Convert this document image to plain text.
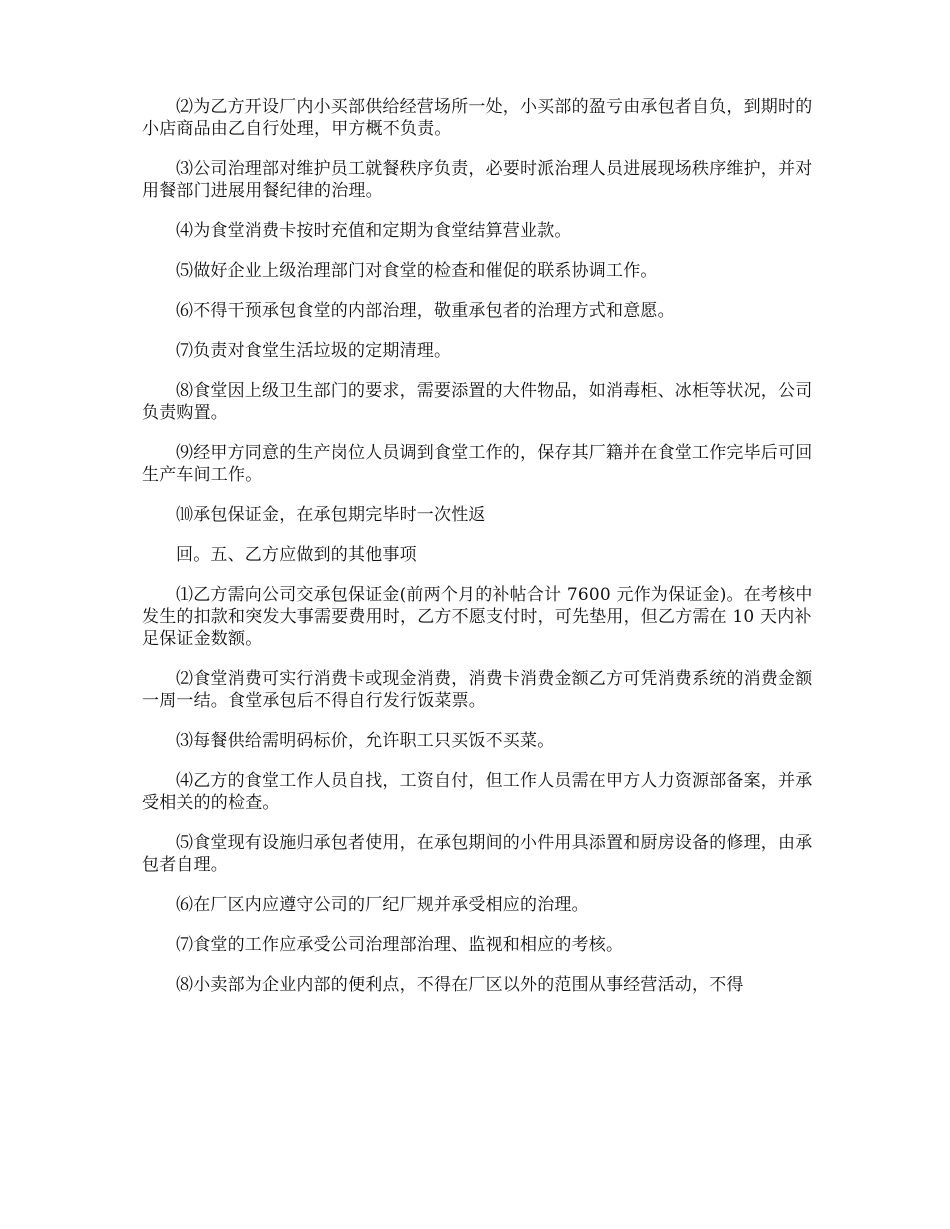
⑵为乙方开设厂内小买部供给经营场所一处，小买部的盈亏由承包者自负，到期时的小店商品由乙自行处理，甲方概不负责。

⑶公司治理部对维护员工就餐秩序负责，必要时派治理人员进展现场秩序维护，并对用餐部门进展用餐纪律的治理。

⑷为食堂消费卡按时充值和定期为食堂结算营业款。

⑸做好企业上级治理部门对食堂的检查和催促的联系协调工作。

⑹不得干预承包食堂的内部治理，敬重承包者的治理方式和意愿。

⑺负责对食堂生活垃圾的定期清理。

⑻食堂因上级卫生部门的要求，需要添置的大件物品，如消毒柜、冰柜等状况，公司负责购置。

⑼经甲方同意的生产岗位人员调到食堂工作的，保存其厂籍并在食堂工作完毕后可回生产车间工作。

⑽承包保证金，在承包期完毕时一次性返

回。五、乙方应做到的其他事项

⑴乙方需向公司交承包保证金(前两个月的补帖合计 7600 元作为保证金)。在考核中发生的扣款和突发大事需要费用时，乙方不愿支付时，可先垫用，但乙方需在 10 天内补足保证金数额。

⑵食堂消费可实行消费卡或现金消费，消费卡消费金额乙方可凭消费系统的消费金额一周一结。食堂承包后不得自行发行饭菜票。

⑶每餐供给需明码标价，允许职工只买饭不买菜。

⑷乙方的食堂工作人员自找，工资自付，但工作人员需在甲方人力资源部备案，并承受相关的的检查。

⑸食堂现有设施归承包者使用，在承包期间的小件用具添置和厨房设备的修理，由承包者自理。

⑹在厂区内应遵守公司的厂纪厂规并承受相应的治理。

⑺食堂的工作应承受公司治理部治理、监视和相应的考核。

⑻小卖部为企业内部的便利点，不得在厂区以外的范围从事经营活动，不得
